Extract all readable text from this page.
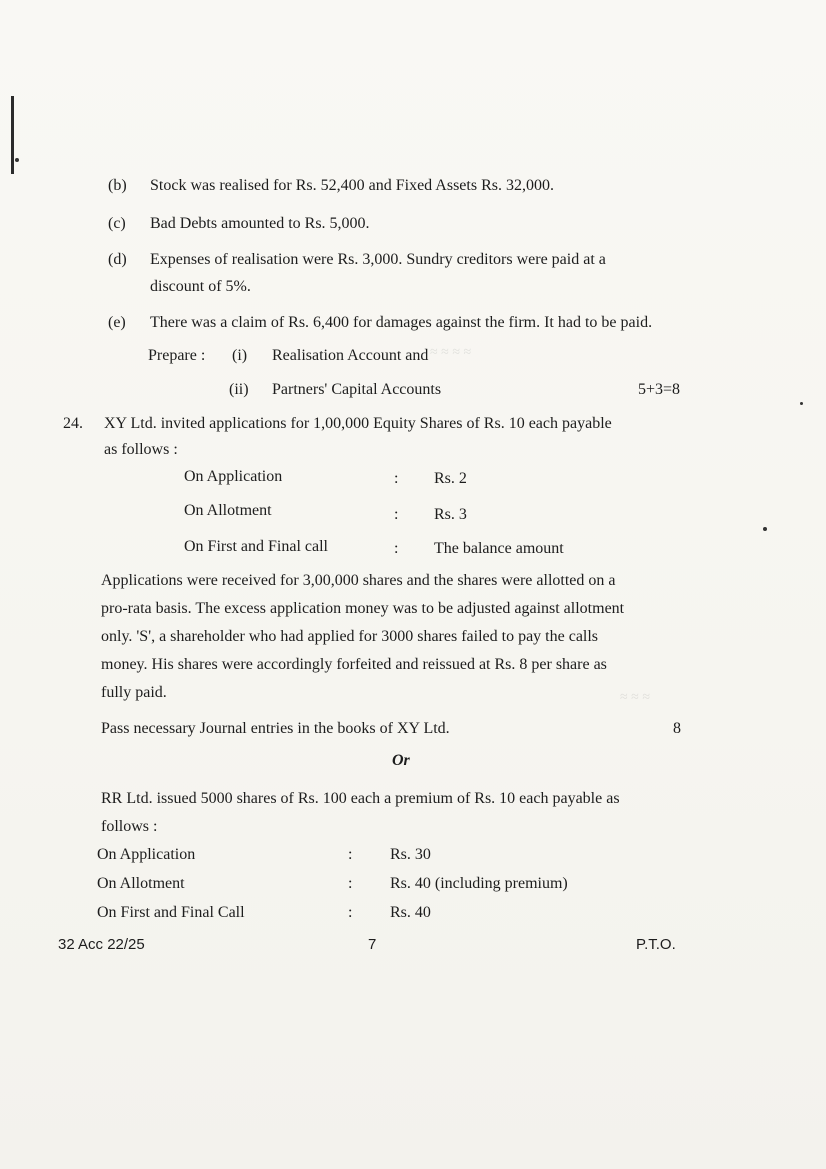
≈ ≈ ≈ ≈
≈ ≈ ≈
(b) Stock was realised for Rs. 52,400 and Fixed Assets Rs. 32,000.
(c) Bad Debts amounted to Rs. 5,000.
(d) Expenses of realisation were Rs. 3,000. Sundry creditors were paid at a
discount of 5%.
(e) There was a claim of Rs. 6,400 for damages against the firm. It had to be paid.
Prepare : (i) Realisation Account and
(ii) Partners' Capital Accounts	5+3=8
24. XY Ltd. invited applications for 1,00,000 Equity Shares of Rs. 10 each payable
as follows :
On Application	: Rs. 2
On Allotment	: Rs. 3
On First and Final call	: The balance amount
Applications were received for 3,00,000 shares and the shares were allotted on a
pro-rata basis. The excess application money was to be adjusted against allotment
only. 'S', a shareholder who had applied for 3000 shares failed to pay the calls
money. His shares were accordingly forfeited and reissued at Rs. 8 per share as
fully paid.
Pass necessary Journal entries in the books of XY Ltd.	8
Or
RR Ltd. issued 5000 shares of Rs. 100 each a premium of Rs. 10 each payable as
follows :
On Application	: Rs. 30
On Allotment	: Rs. 40 (including premium)
On First and Final Call	: Rs. 40
32 Acc 22/25	7	P.T.O.
